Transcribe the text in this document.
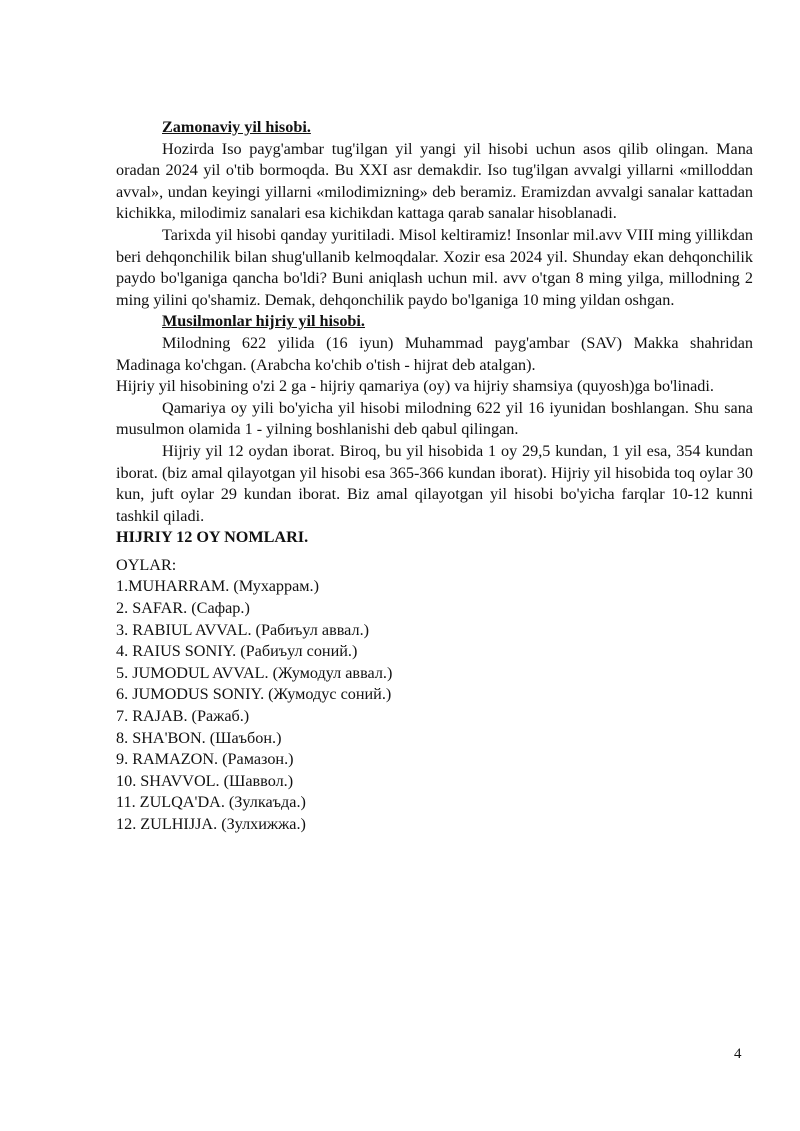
Zamonaviy yil hisobi.

Hozirda Iso payg'ambar tug'ilgan yil yangi yil hisobi uchun asos qilib olingan. Mana oradan 2024 yil o'tib bormoqda. Bu XXI asr demakdir. Iso tug'ilgan avvalgi yillarni «milloddan avval», undan keyingi yillarni «milodimizning» deb beramiz. Eramizdan avvalgi sanalar kattadan kichikka, milodimiz sanalari esa kichikdan kattaga qarab sanalar hisoblanadi.

Tarixda yil hisobi qanday yuritiladi. Misol keltiramiz! Insonlar mil.avv VIII ming yillikdan beri dehqonchilik bilan shug'ullanib kelmoqdalar. Xozir esa 2024 yil. Shunday ekan dehqonchilik paydo bo'lganiga qancha bo'ldi? Buni aniqlash uchun mil. avv o'tgan 8 ming yilga, millodning 2 ming yilini qo'shamiz. Demak, dehqonchilik paydo bo'lganiga 10 ming yildan oshgan.

Musilmonlar hijriy yil hisobi.

Milodning 622 yilida (16 iyun) Muhammad payg'ambar (SAV) Makka shahridan Madinaga ko'chgan. (Arabcha ko'chib o'tish - hijrat deb atalgan).

Hijriy yil hisobining o'zi 2 ga - hijriy qamariya (oy) va hijriy shamsiya (quyosh)ga bo'linadi.

Qamariya oy yili bo'yicha yil hisobi milodning 622 yil 16 iyunidan boshlangan. Shu sana musulmon olamida 1 - yilning boshlanishi deb qabul qilingan.

Hijriy yil 12 oydan iborat. Biroq, bu yil hisobida 1 oy 29,5 kundan, 1 yil esa, 354 kundan iborat. (biz amal qilayotgan yil hisobi esa 365-366 kundan iborat). Hijriy yil hisobida toq oylar 30 kun, juft oylar 29 kundan iborat. Biz amal qilayotgan yil hisobi bo'yicha farqlar 10-12 kunni tashkil qiladi.

HIJRIY 12 OY NOMLARI.

OYLAR:

1.MUHARRAM. (Мухаррам.)
2. SAFAR. (Сафар.)
3. RABIUL AVVAL. (Рабиъул аввал.)
4. RAIUS SONIY. (Рабиъул соний.)
5. JUMODUL AVVAL. (Жумодул аввал.)
6. JUMODUS SONIY. (Жумодус соний.)
7. RAJAB. (Ражаб.)
8. SHA'BON. (Шаъбон.)
9. RAMAZON. (Рамазон.)
10. SHAVVOL. (Шаввол.)
11. ZULQA'DA. (Зулкаъда.)
12. ZULHIJJA. (Зулхижжа.)
4
